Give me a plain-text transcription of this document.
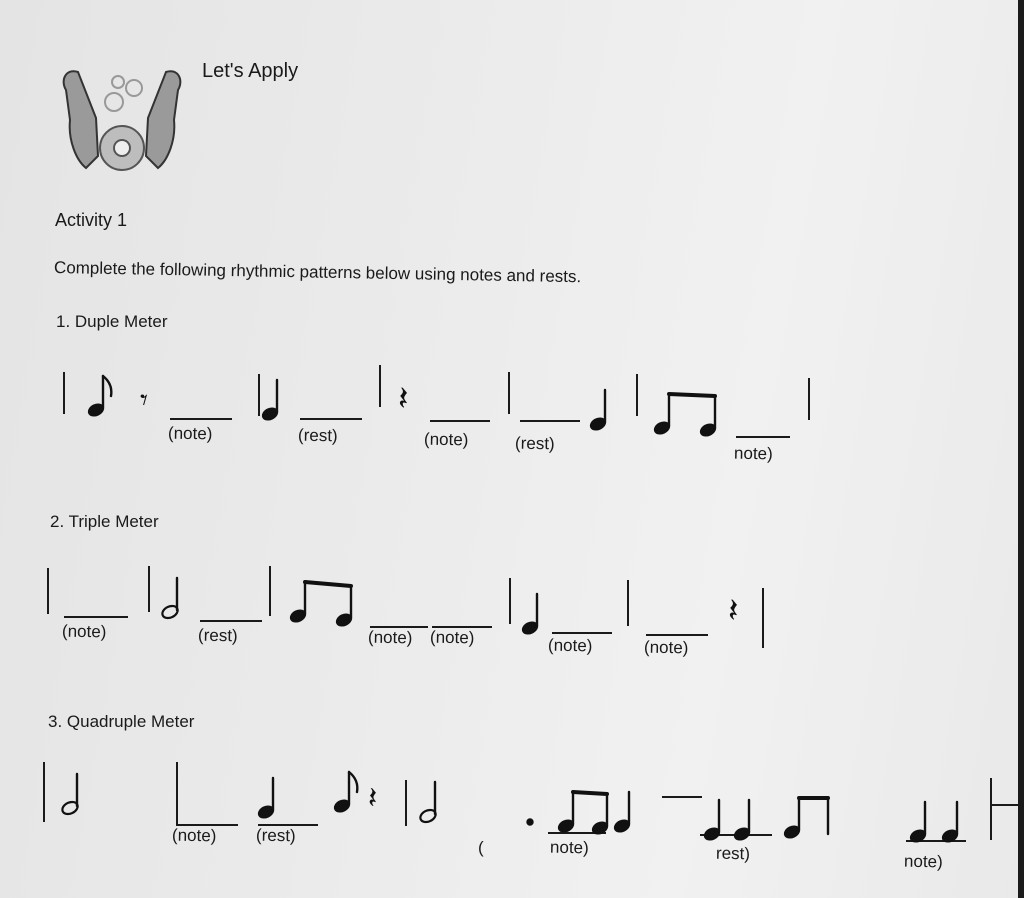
Let's Apply
Activity 1
Complete the following rhythmic patterns below using notes and rests.
1. Duple Meter
2. Triple Meter
3. Quadruple Meter
𝄾	𝄽
(note)	(rest)	(note)	(rest)
note)
𝄽
(note)	(rest)	(note) (note)	(note)	(note)
𝄽
(
(note) (rest)
note)	rest)	note)
